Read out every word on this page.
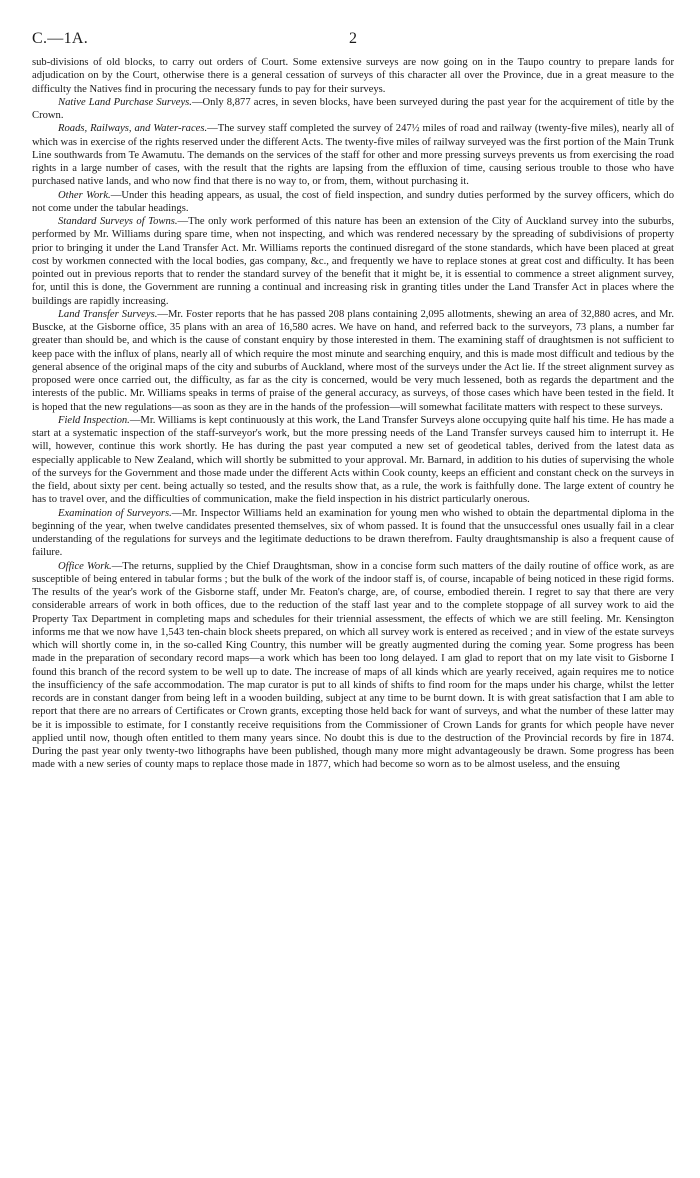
C.—1A.	2

sub-divisions of old blocks, to carry out orders of Court. Some extensive surveys are now going on in the Taupo country to prepare lands for adjudication on by the Court, otherwise there is a general cessation of surveys of this character all over the Province, due in a great measure to the difficulty the Natives find in procuring the necessary funds to pay for their surveys.

Native Land Purchase Surveys.—Only 8,877 acres, in seven blocks, have been surveyed during the past year for the acquirement of title by the Crown.

Roads, Railways, and Water-races.—The survey staff completed the survey of 247½ miles of road and railway (twenty-five miles), nearly all of which was in exercise of the rights reserved under the different Acts. The twenty-five miles of railway surveyed was the first portion of the Main Trunk Line southwards from Te Awamutu. The demands on the services of the staff for other and more pressing surveys prevents us from exercising the road rights in a large number of cases, with the result that the rights are lapsing from the effluxion of time, causing serious trouble to those who have purchased native lands, and who now find that there is no way to, or from, them, without purchasing it.

Other Work.—Under this heading appears, as usual, the cost of field inspection, and sundry duties performed by the survey officers, which do not come under the tabular headings.

Standard Surveys of Towns.—The only work performed of this nature has been an extension of the City of Auckland survey into the suburbs, performed by Mr. Williams during spare time, when not inspecting, and which was rendered necessary by the spreading of subdivisions of property prior to bringing it under the Land Transfer Act. Mr. Williams reports the continued disregard of the stone standards, which have been placed at great cost by workmen connected with the local bodies, gas company, &c., and frequently we have to replace stones at great cost and difficulty. It has been pointed out in previous reports that to render the standard survey of the benefit that it might be, it is essential to commence a street alignment survey, for, until this is done, the Government are running a continual and increasing risk in granting titles under the Land Transfer Act in places where the buildings are rapidly increasing.

Land Transfer Surveys.—Mr. Foster reports that he has passed 208 plans containing 2,095 allotments, shewing an area of 32,880 acres, and Mr. Buscke, at the Gisborne office, 35 plans with an area of 16,580 acres. We have on hand, and referred back to the surveyors, 73 plans, a number far greater than should be, and which is the cause of constant enquiry by those interested in them. The examining staff of draughtsmen is not sufficient to keep pace with the influx of plans, nearly all of which require the most minute and searching enquiry, and this is made most difficult and tedious by the general absence of the original maps of the city and suburbs of Auckland, where most of the surveys under the Act lie. If the street alignment survey as proposed were once carried out, the difficulty, as far as the city is concerned, would be very much lessened, both as regards the department and the interests of the public. Mr. Williams speaks in terms of praise of the general accuracy, as surveys, of those cases which have been tested in the field. It is hoped that the new regulations—as soon as they are in the hands of the profession—will somewhat facilitate matters with respect to these surveys.

Field Inspection.—Mr. Williams is kept continuously at this work, the Land Transfer Surveys alone occupying quite half his time. He has made a start at a systematic inspection of the staff-surveyor's work, but the more pressing needs of the Land Transfer surveys caused him to interrupt it. He will, however, continue this work shortly. He has during the past year computed a new set of geodetical tables, derived from the latest data as especially applicable to New Zealand, which will shortly be submitted to your approval. Mr. Barnard, in addition to his duties of supervising the whole of the surveys for the Government and those made under the different Acts within Cook county, keeps an efficient and constant check on the surveys in the field, about sixty per cent. being actually so tested, and the results show that, as a rule, the work is faithfully done. The large extent of country he has to travel over, and the difficulties of communication, make the field inspection in his district particularly onerous.

Examination of Surveyors.—Mr. Inspector Williams held an examination for young men who wished to obtain the departmental diploma in the beginning of the year, when twelve candidates presented themselves, six of whom passed. It is found that the unsuccessful ones usually fail in a clear understanding of the regulations for surveys and the legitimate deductions to be drawn therefrom. Faulty draughtsmanship is also a frequent cause of failure.

Office Work.—The returns, supplied by the Chief Draughtsman, show in a concise form such matters of the daily routine of office work, as are susceptible of being entered in tabular forms ; but the bulk of the work of the indoor staff is, of course, incapable of being noticed in these rigid forms. The results of the year's work of the Gisborne staff, under Mr. Featon's charge, are, of course, embodied therein. I regret to say that there are very considerable arrears of work in both offices, due to the reduction of the staff last year and to the complete stoppage of all survey work to aid the Property Tax Department in completing maps and schedules for their triennial assessment, the effects of which we are still feeling. Mr. Kensington informs me that we now have 1,543 ten-chain block sheets prepared, on which all survey work is entered as received ; and in view of the estate surveys which will shortly come in, in the so-called King Country, this number will be greatly augmented during the coming year. Some progress has been made in the preparation of secondary record maps—a work which has been too long delayed. I am glad to report that on my late visit to Gisborne I found this branch of the record system to be well up to date. The increase of maps of all kinds which are yearly received, again requires me to notice the insufficiency of the safe accommodation. The map curator is put to all kinds of shifts to find room for the maps under his charge, whilst the letter records are in constant danger from being left in a wooden building, subject at any time to be burnt down. It is with great satisfaction that I am able to report that there are no arrears of Certificates or Crown grants, excepting those held back for want of surveys, and what the number of these latter may be it is impossible to estimate, for I constantly receive requisitions from the Commissioner of Crown Lands for grants for which people have never applied until now, though often entitled to them many years since. No doubt this is due to the destruction of the Provincial records by fire in 1874. During the past year only twenty-two lithographs have been published, though many more might advantageously be drawn. Some progress has been made with a new series of county maps to replace those made in 1877, which had become so worn as to be almost useless, and the ensuing
